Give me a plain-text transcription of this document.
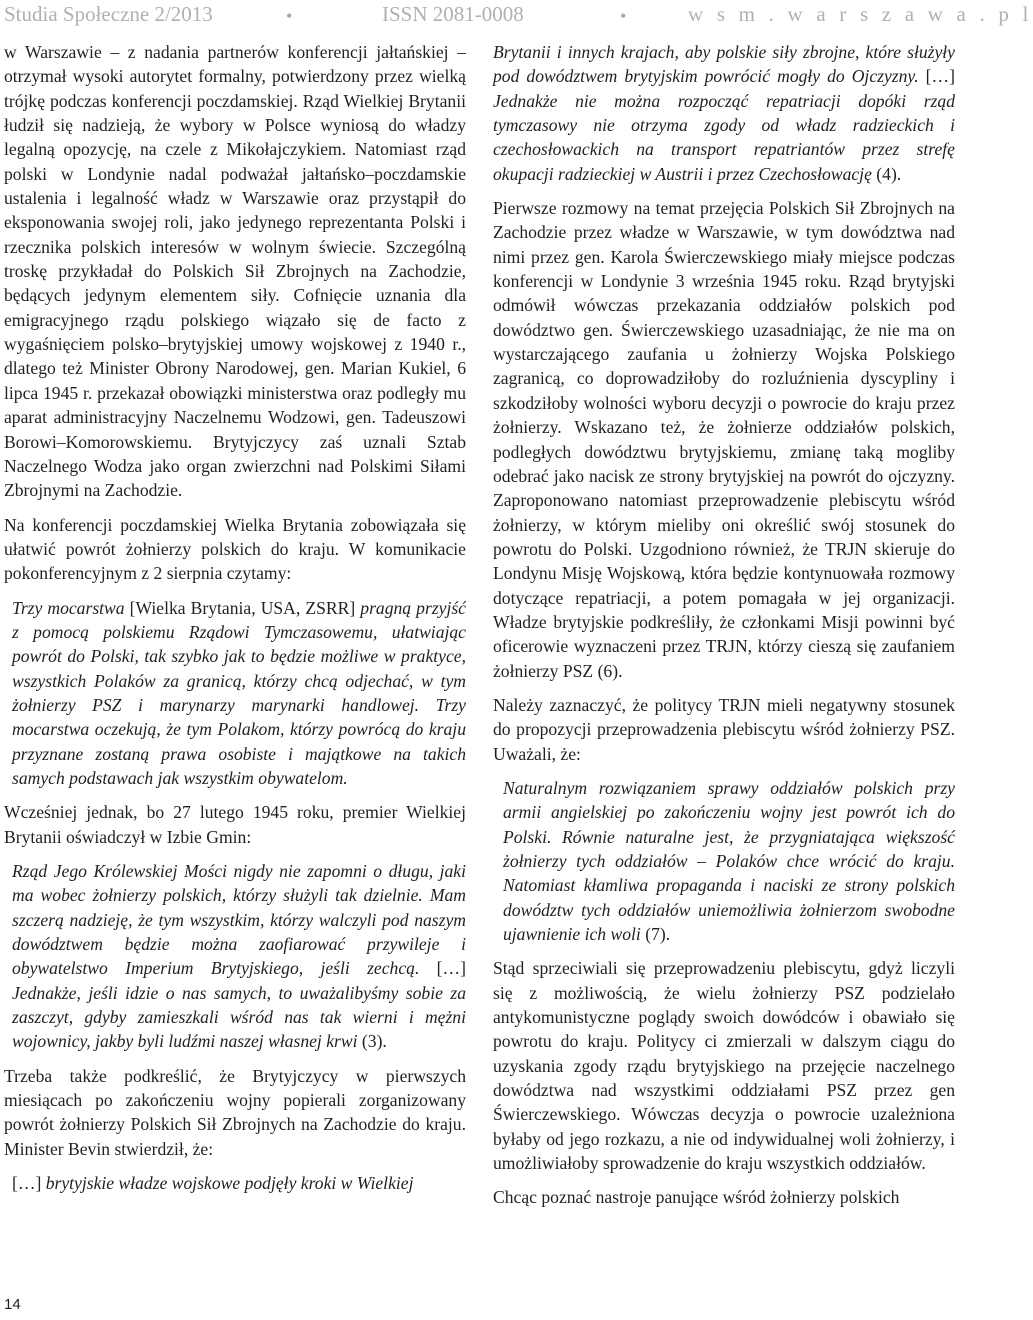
Studia Społeczne 2/2013	•	ISSN 2081-0008	•	w s m . w a r s z a w a . p l

w Warszawie – z nadania partnerów konferencji jałtańskiej – otrzymał wysoki autorytet formalny, potwierdzony przez wielką trójkę podczas konferencji poczdamskiej. Rząd Wielkiej Brytanii łudził się nadzieją, że wybory w Polsce wyniosą do władzy legalną opozycję, na czele z Mikołajczykiem. Natomiast rząd polski w Londynie nadal podważał jałtańsko–poczdamskie ustalenia i legalność władz w Warszawie oraz przystąpił do eksponowania swojej roli, jako jedynego reprezentanta Polski i rzecznika polskich interesów w wolnym świecie. Szczególną troskę przykładał do Polskich Sił Zbrojnych na Zachodzie, będących jedynym elementem siły. Cofnięcie uznania dla emigracyjnego rządu polskiego wiązało się de facto z wygaśnięciem polsko–brytyjskiej umowy wojskowej z 1940 r., dlatego też Minister Obrony Narodowej, gen. Marian Kukiel, 6 lipca 1945 r. przekazał obowiązki ministerstwa oraz podległy mu aparat administracyjny Naczelnemu Wodzowi, gen. Tadeuszowi Borowi–Komorowskiemu. Brytyjczycy zaś uznali Sztab Naczelnego Wodza jako organ zwierzchni nad Polskimi Siłami Zbrojnymi na Zachodzie.

Na konferencji poczdamskiej Wielka Brytania zobowiązała się ułatwić powrót żołnierzy polskich do kraju. W komunikacie pokonferencyjnym z 2 sierpnia czytamy:

Trzy mocarstwa [Wielka Brytania, USA, ZSRR] pragną przyjść z pomocą polskiemu Rządowi Tymczasowemu, ułatwiając powrót do Polski, tak szybko jak to będzie możliwe w praktyce, wszystkich Polaków za granicą, którzy chcą odjechać, w tym żołnierzy PSZ i marynarzy marynarki handlowej. Trzy mocarstwa oczekują, że tym Polakom, którzy powrócą do kraju przyznane zostaną prawa osobiste i majątkowe na takich samych podstawach jak wszystkim obywatelom.

Wcześniej jednak, bo 27 lutego 1945 roku, premier Wielkiej Brytanii oświadczył w Izbie Gmin:

Rząd Jego Królewskiej Mości nigdy nie zapomni o długu, jaki ma wobec żołnierzy polskich, którzy służyli tak dzielnie. Mam szczerą nadzieję, że tym wszystkim, którzy walczyli pod naszym dowództwem będzie można zaofiarować przywileje i obywatelstwo Imperium Brytyjskiego, jeśli zechcą. […] Jednakże, jeśli idzie o nas samych, to uważalibyśmy sobie za zaszczyt, gdyby zamieszkali wśród nas tak wierni i mężni wojownicy, jakby byli ludźmi naszej własnej krwi (3).

Trzeba także podkreślić, że Brytyjczycy w pierwszych miesiącach po zakończeniu wojny popierali zorganizowany powrót żołnierzy Polskich Sił Zbrojnych na Zachodzie do kraju. Minister Bevin stwierdził, że:

[…] brytyjskie władze wojskowe podjęły kroki w Wielkiej

Brytanii i innych krajach, aby polskie siły zbrojne, które służyły pod dowództwem brytyjskim powrócić mogły do Ojczyzny. […] Jednakże nie można rozpocząć repatriacji dopóki rząd tymczasowy nie otrzyma zgody od władz radzieckich i czechosłowackich na transport repatriantów przez strefę okupacji radzieckiej w Austrii i przez Czechosłowację (4).

Pierwsze rozmowy na temat przejęcia Polskich Sił Zbrojnych na Zachodzie przez władze w Warszawie, w tym dowództwa nad nimi przez gen. Karola Świerczewskiego miały miejsce podczas konferencji w Londynie 3 września 1945 roku. Rząd brytyjski odmówił wówczas przekazania oddziałów polskich pod dowództwo gen. Świerczewskiego uzasadniając, że nie ma on wystarczającego zaufania u żołnierzy Wojska Polskiego zagranicą, co doprowadziłoby do rozluźnienia dyscypliny i szkodziłoby wolności wyboru decyzji o powrocie do kraju przez żołnierzy. Wskazano też, że żołnierze oddziałów polskich, podległych dowództwu brytyjskiemu, zmianę taką mogliby odebrać jako nacisk ze strony brytyjskiej na powrót do ojczyzny. Zaproponowano natomiast przeprowadzenie plebiscytu wśród żołnierzy, w którym mieliby oni określić swój stosunek do powrotu do Polski. Uzgodniono również, że TRJN skieruje do Londynu Misję Wojskową, która będzie kontynuowała rozmowy dotyczące repatriacji, a potem pomagała w jej organizacji. Władze brytyjskie podkreśliły, że członkami Misji powinni być oficerowie wyznaczeni przez TRJN, którzy cieszą się zaufaniem żołnierzy PSZ (6).

Należy zaznaczyć, że politycy TRJN mieli negatywny stosunek do propozycji przeprowadzenia plebiscytu wśród żołnierzy PSZ. Uważali, że:

Naturalnym rozwiązaniem sprawy oddziałów polskich przy armii angielskiej po zakończeniu wojny jest powrót ich do Polski. Równie naturalne jest, że przygniatająca większość żołnierzy tych oddziałów – Polaków chce wrócić do kraju. Natomiast kłamliwa propaganda i naciski ze strony polskich dowództw tych oddziałów uniemożliwia żołnierzom swobodne ujawnienie ich woli (7).

Stąd sprzeciwiali się przeprowadzeniu plebiscytu, gdyż liczyli się z możliwością, że wielu żołnierzy PSZ podzielało antykomunistyczne poglądy swoich dowódców i obawiało się powrotu do kraju. Politycy ci zmierzali w dalszym ciągu do uzyskania zgody rządu brytyjskiego na przejęcie naczelnego dowództwa nad wszystkimi oddziałami PSZ przez gen Świerczewskiego. Wówczas decyzja o powrocie uzależniona byłaby od jego rozkazu, a nie od indywidualnej woli żołnierzy, i umożliwiałoby sprowadzenie do kraju wszystkich oddziałów.

Chcąc poznać nastroje panujące wśród żołnierzy polskich

14
